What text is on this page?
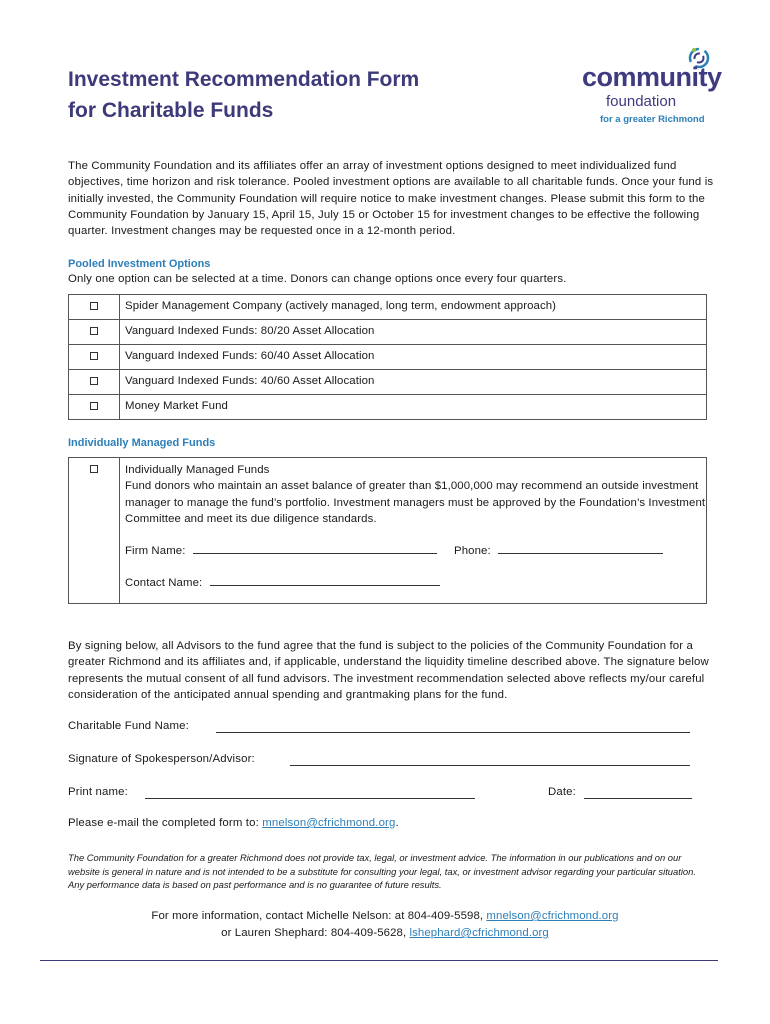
Investment Recommendation Form
for Charitable Funds
community
foundation
for a greater Richmond
The Community Foundation and its affiliates offer an array of investment options designed to meet individualized fund objectives, time horizon and risk tolerance. Pooled investment options are available to all charitable funds. Once your fund is initially invested, the Community Foundation will require notice to make investment changes. Please submit this form to the Community Foundation by January 15, April 15, July 15 or October 15 for investment changes to be effective the following quarter. Investment changes may be requested once in a 12-month period.
Pooled Investment Options
Only one option can be selected at a time. Donors can change options once every four quarters.
	Spider Management Company (actively managed, long term, endowment approach)
	Vanguard Indexed Funds: 80/20 Asset Allocation
	Vanguard Indexed Funds: 60/40 Asset Allocation
	Vanguard Indexed Funds: 40/60 Asset Allocation
	Money Market Fund
Individually Managed Funds

Individually Managed Funds
Fund donors who maintain an asset balance of greater than $1,000,000 may recommend an outside investment manager to manage the fund’s portfolio. Investment managers must be approved by the Foundation’s Investment Committee and meet its due diligence standards.
Firm Name:	Phone:
Contact Name:
By signing below, all Advisors to the fund agree that the fund is subject to the policies of the Community Foundation for a greater Richmond and its affiliates and, if applicable, understand the liquidity timeline described above. The signature below represents the mutual consent of all fund advisors. The investment recommendation selected above reflects my/our careful consideration of the anticipated annual spending and grantmaking plans for the fund.
Charitable Fund Name:
Signature of Spokesperson/Advisor:
Print name:	Date:
Please e-mail the completed form to: mnelson@cfrichmond.org.
The Community Foundation for a greater Richmond does not provide tax, legal, or investment advice. The information in our publications and on our website is general in nature and is not intended to be a substitute for consulting your legal, tax, or investment advisor regarding your particular situation. Any performance data is based on past performance and is no guarantee of future results.
For more information, contact Michelle Nelson: at 804-409-5598, mnelson@cfrichmond.org
or Lauren Shephard: 804-409-5628, lshephard@cfrichmond.org
